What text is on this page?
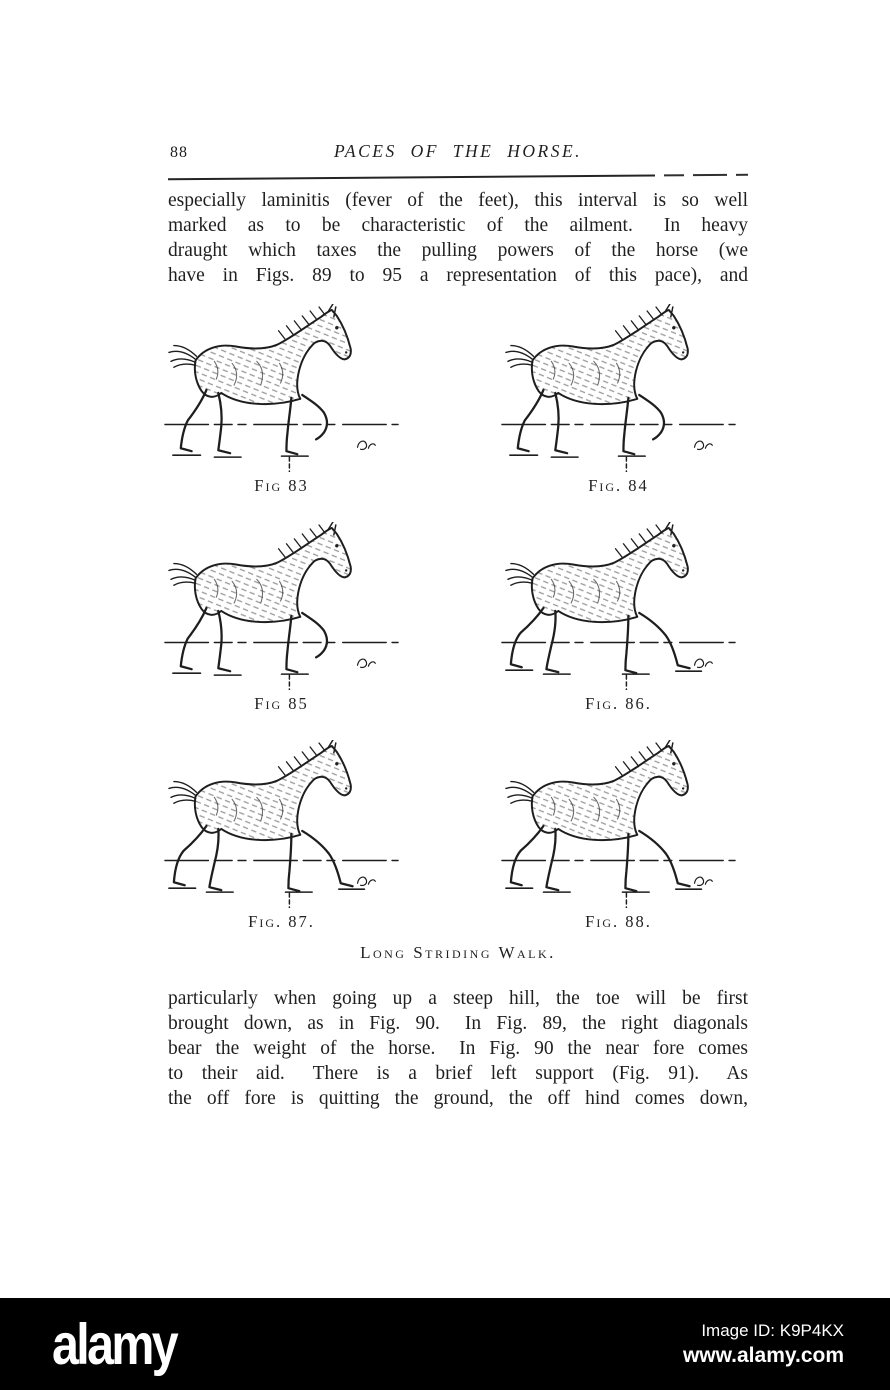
88	PACES OF THE HORSE.
especially laminitis (fever of the feet), this interval is so well
marked as to be characteristic of the ailment.  In heavy
draught which taxes the pulling powers of the horse (we
have in Figs. 89 to 95 a representation of this pace), and
Fig 83	Fig. 84
Fig 85	Fig. 86.
Fig. 87.	Fig. 88.
Long Striding Walk.
particularly when going up a steep hill, the toe will be first
brought down, as in Fig. 90.  In Fig. 89, the right diagonals
bear the weight of the horse.  In Fig. 90 the near fore comes
to their aid.  There is a brief left support (Fig. 91).  As
the off fore is quitting the ground, the off hind comes down,
alamy	Image ID: K9P4KX
www.alamy.com
